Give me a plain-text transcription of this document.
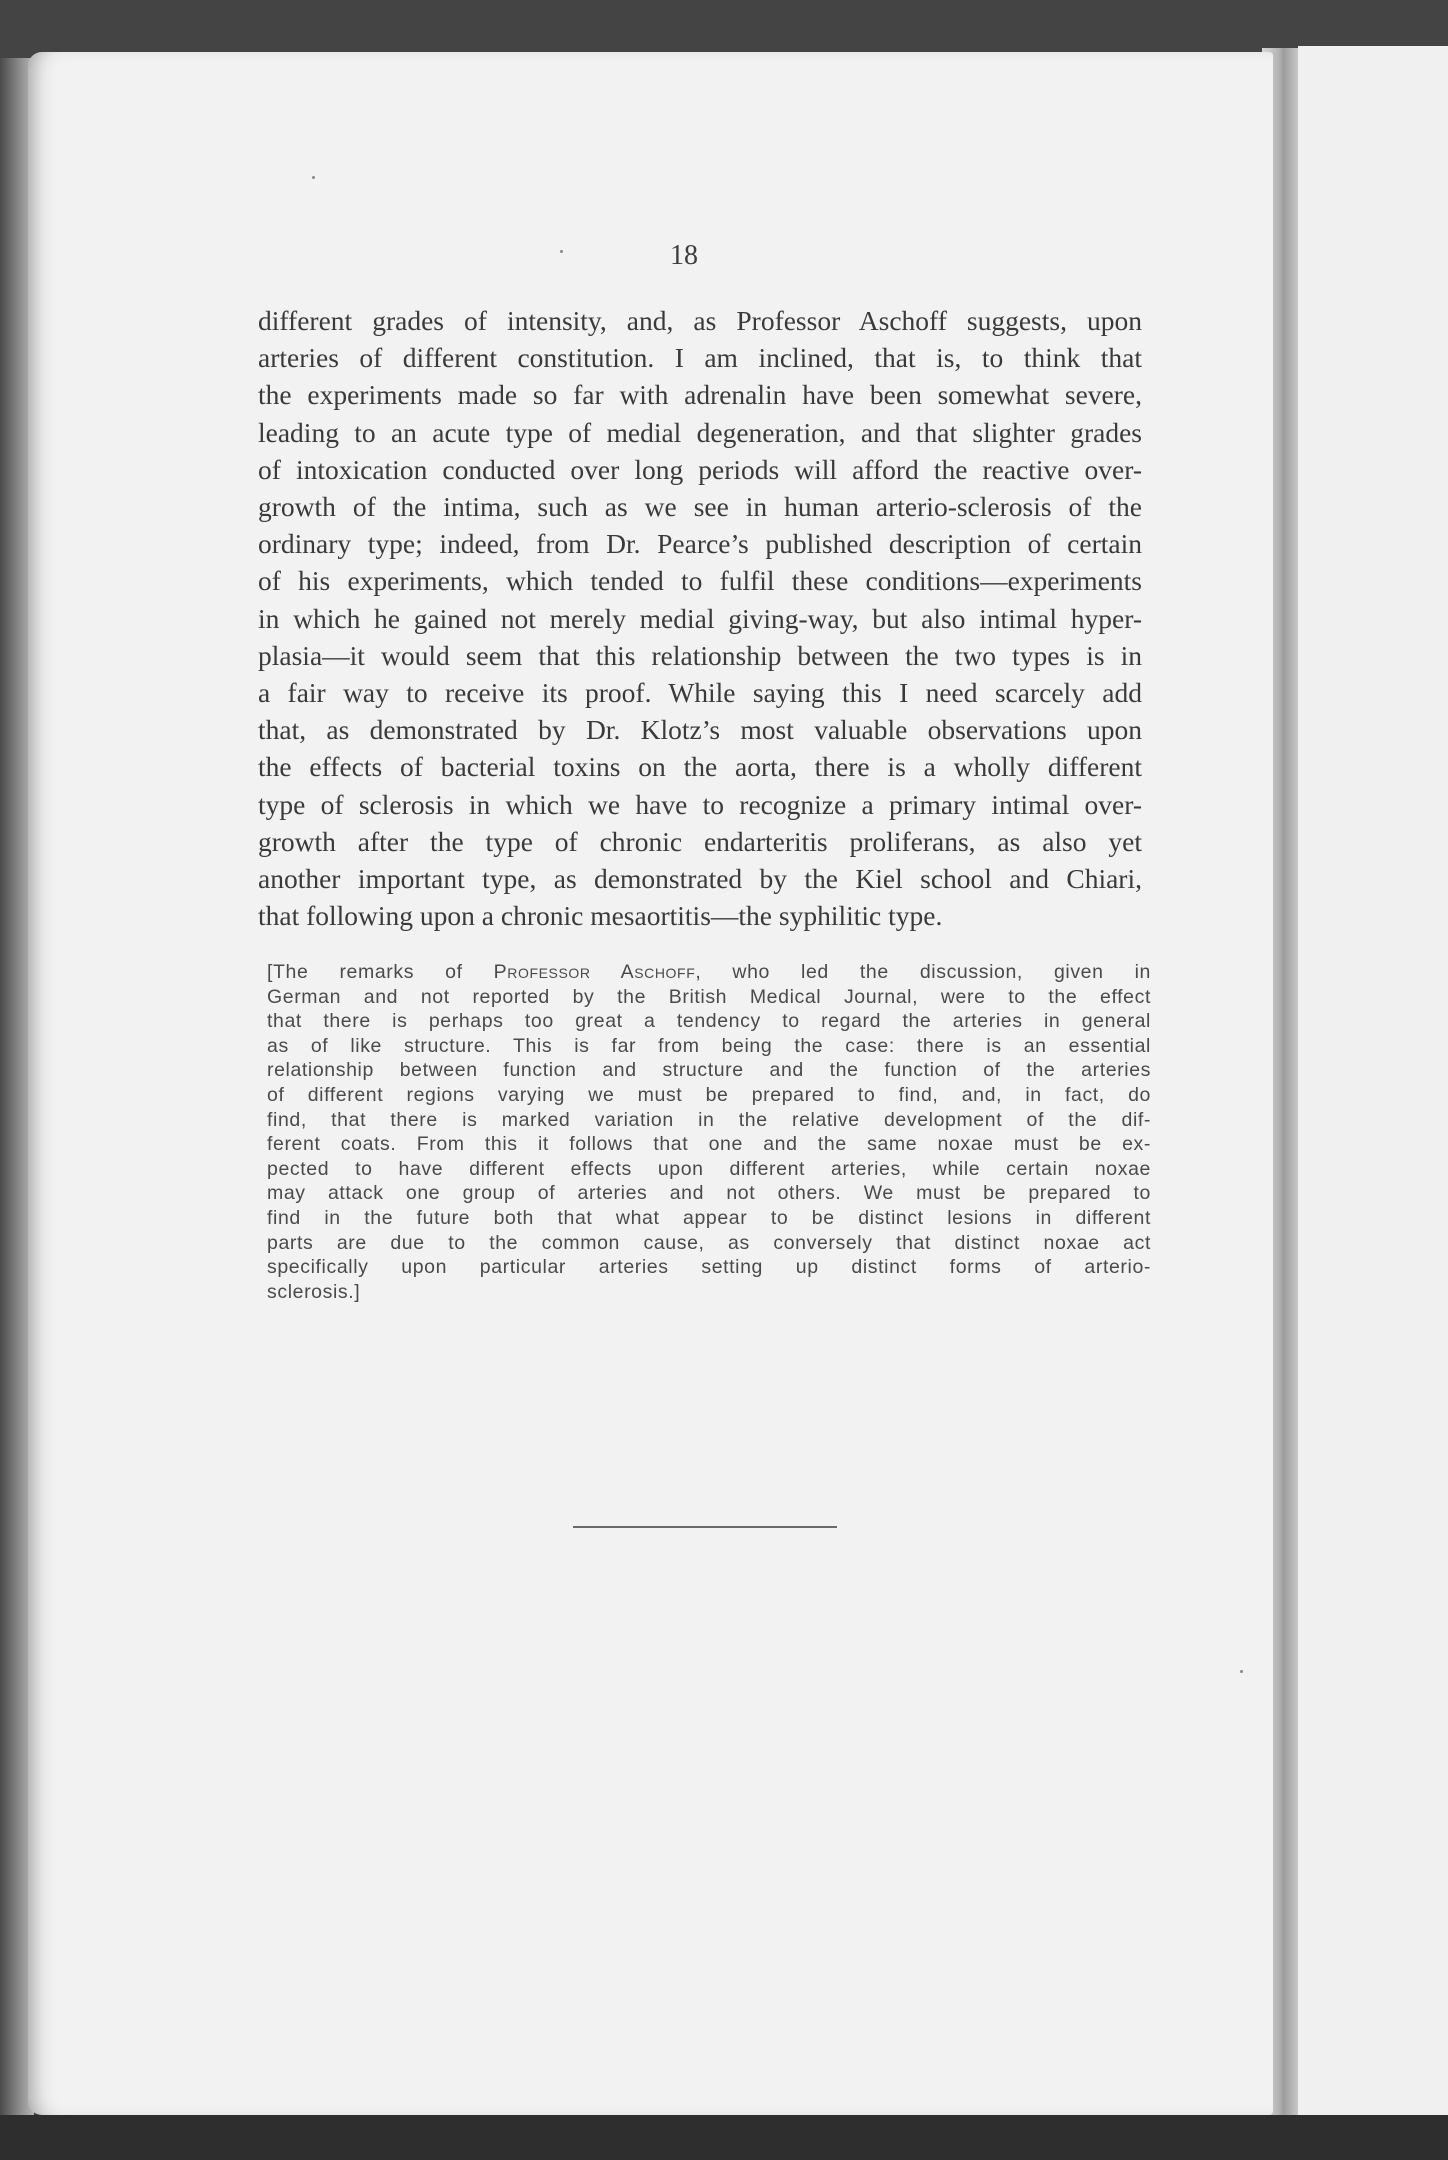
18
different grades of intensity, and, as Professor Aschoff suggests, upon
arteries of different constitution. I am inclined, that is, to think that
the experiments made so far with adrenalin have been somewhat severe,
leading to an acute type of medial degeneration, and that slighter grades
of intoxication conducted over long periods will afford the reactive over-
growth of the intima, such as we see in human arterio-sclerosis of the
ordinary type; indeed, from Dr. Pearce’s published description of certain
of his experiments, which tended to fulfil these conditions—experiments
in which he gained not merely medial giving-way, but also intimal hyper-
plasia—it would seem that this relationship between the two types is in
a fair way to receive its proof. While saying this I need scarcely add
that, as demonstrated by Dr. Klotz’s most valuable observations upon
the effects of bacterial toxins on the aorta, there is a wholly different
type of sclerosis in which we have to recognize a primary intimal over-
growth after the type of chronic endarteritis proliferans, as also yet
another important type, as demonstrated by the Kiel school and Chiari,
that following upon a chronic mesaortitis—the syphilitic type.
[The remarks of Professor Aschoff, who led the discussion, given in
German and not reported by the British Medical Journal, were to the effect
that there is perhaps too great a tendency to regard the arteries in general
as of like structure. This is far from being the case: there is an essential
relationship between function and structure and the function of the arteries
of different regions varying we must be prepared to find, and, in fact, do
find, that there is marked variation in the relative development of the dif-
ferent coats. From this it follows that one and the same noxae must be ex-
pected to have different effects upon different arteries, while certain noxae
may attack one group of arteries and not others. We must be prepared to
find in the future both that what appear to be distinct lesions in different
parts are due to the common cause, as conversely that distinct noxae act
specifically upon particular arteries setting up distinct forms of arterio-
sclerosis.]
